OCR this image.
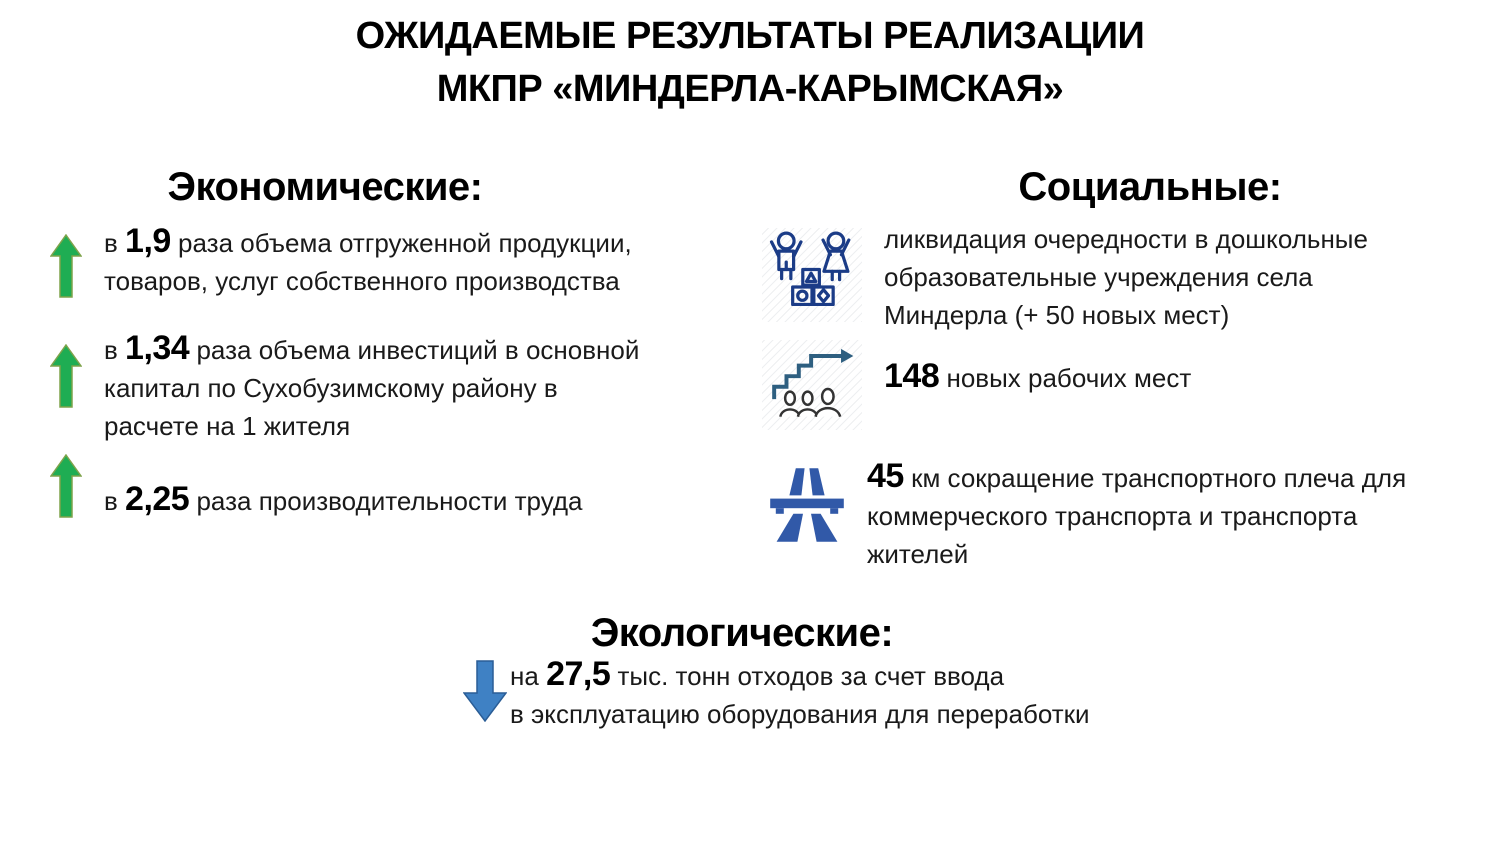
ОЖИДАЕМЫЕ РЕЗУЛЬТАТЫ РЕАЛИЗАЦИИ
МКПР «МИНДЕРЛА-КАРЫМСКАЯ»
Экономические:	Социальные:
Экологические:
в 1,9 раза объема отгруженной продукции, товаров, услуг собственного производства
в 1,34 раза объема инвестиций в основной капитал по Сухобузимскому району в расчете на 1 жителя
в 2,25 раза производительности труда
ликвидация очередности в дошкольные образовательные учреждения села Миндерла (+ 50 новых мест)
148 новых рабочих мест
45 км сокращение транспортного плеча для коммерческого транспорта и транспорта жителей
на 27,5 тыс. тонн отходов за счет ввода
в эксплуатацию оборудования для переработки
